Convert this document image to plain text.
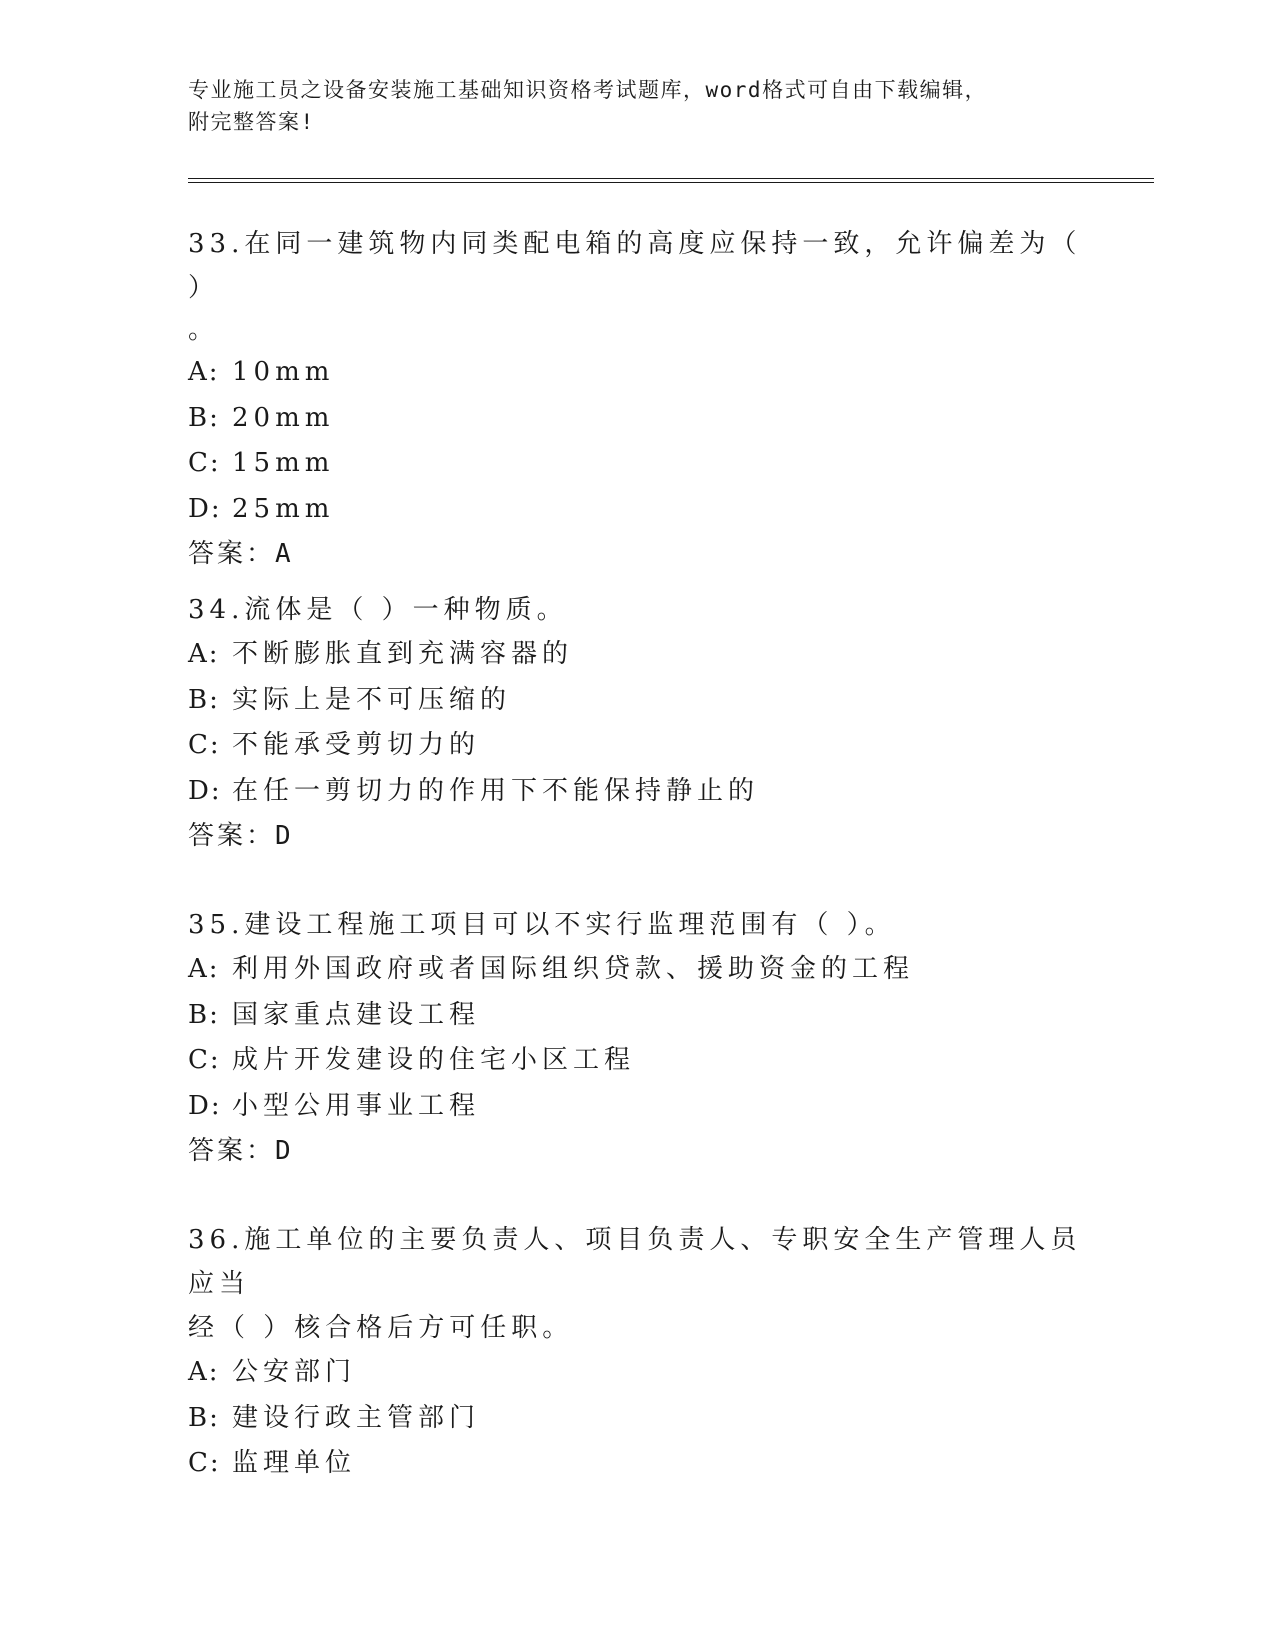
专业施工员之设备安装施工基础知识资格考试题库，word格式可自由下载编辑，
附完整答案!

33.在同一建筑物内同类配电箱的高度应保持一致，允许偏差为（ ）

。

A: 10mm

B: 20mm

C: 15mm

D: 25mm

答案：A

34.流体是（ ）一种物质。

A: 不断膨胀直到充满容器的

B: 实际上是不可压缩的

C: 不能承受剪切力的

D: 在任一剪切力的作用下不能保持静止的

答案：D

35.建设工程施工项目可以不实行监理范围有（ ）。

A: 利用外国政府或者国际组织贷款、援助资金的工程

B: 国家重点建设工程

C: 成片开发建设的住宅小区工程

D: 小型公用事业工程

答案：D

36.施工单位的主要负责人、项目负责人、专职安全生产管理人员应当

经（ ）核合格后方可任职。

A: 公安部门

B: 建设行政主管部门

C: 监理单位
